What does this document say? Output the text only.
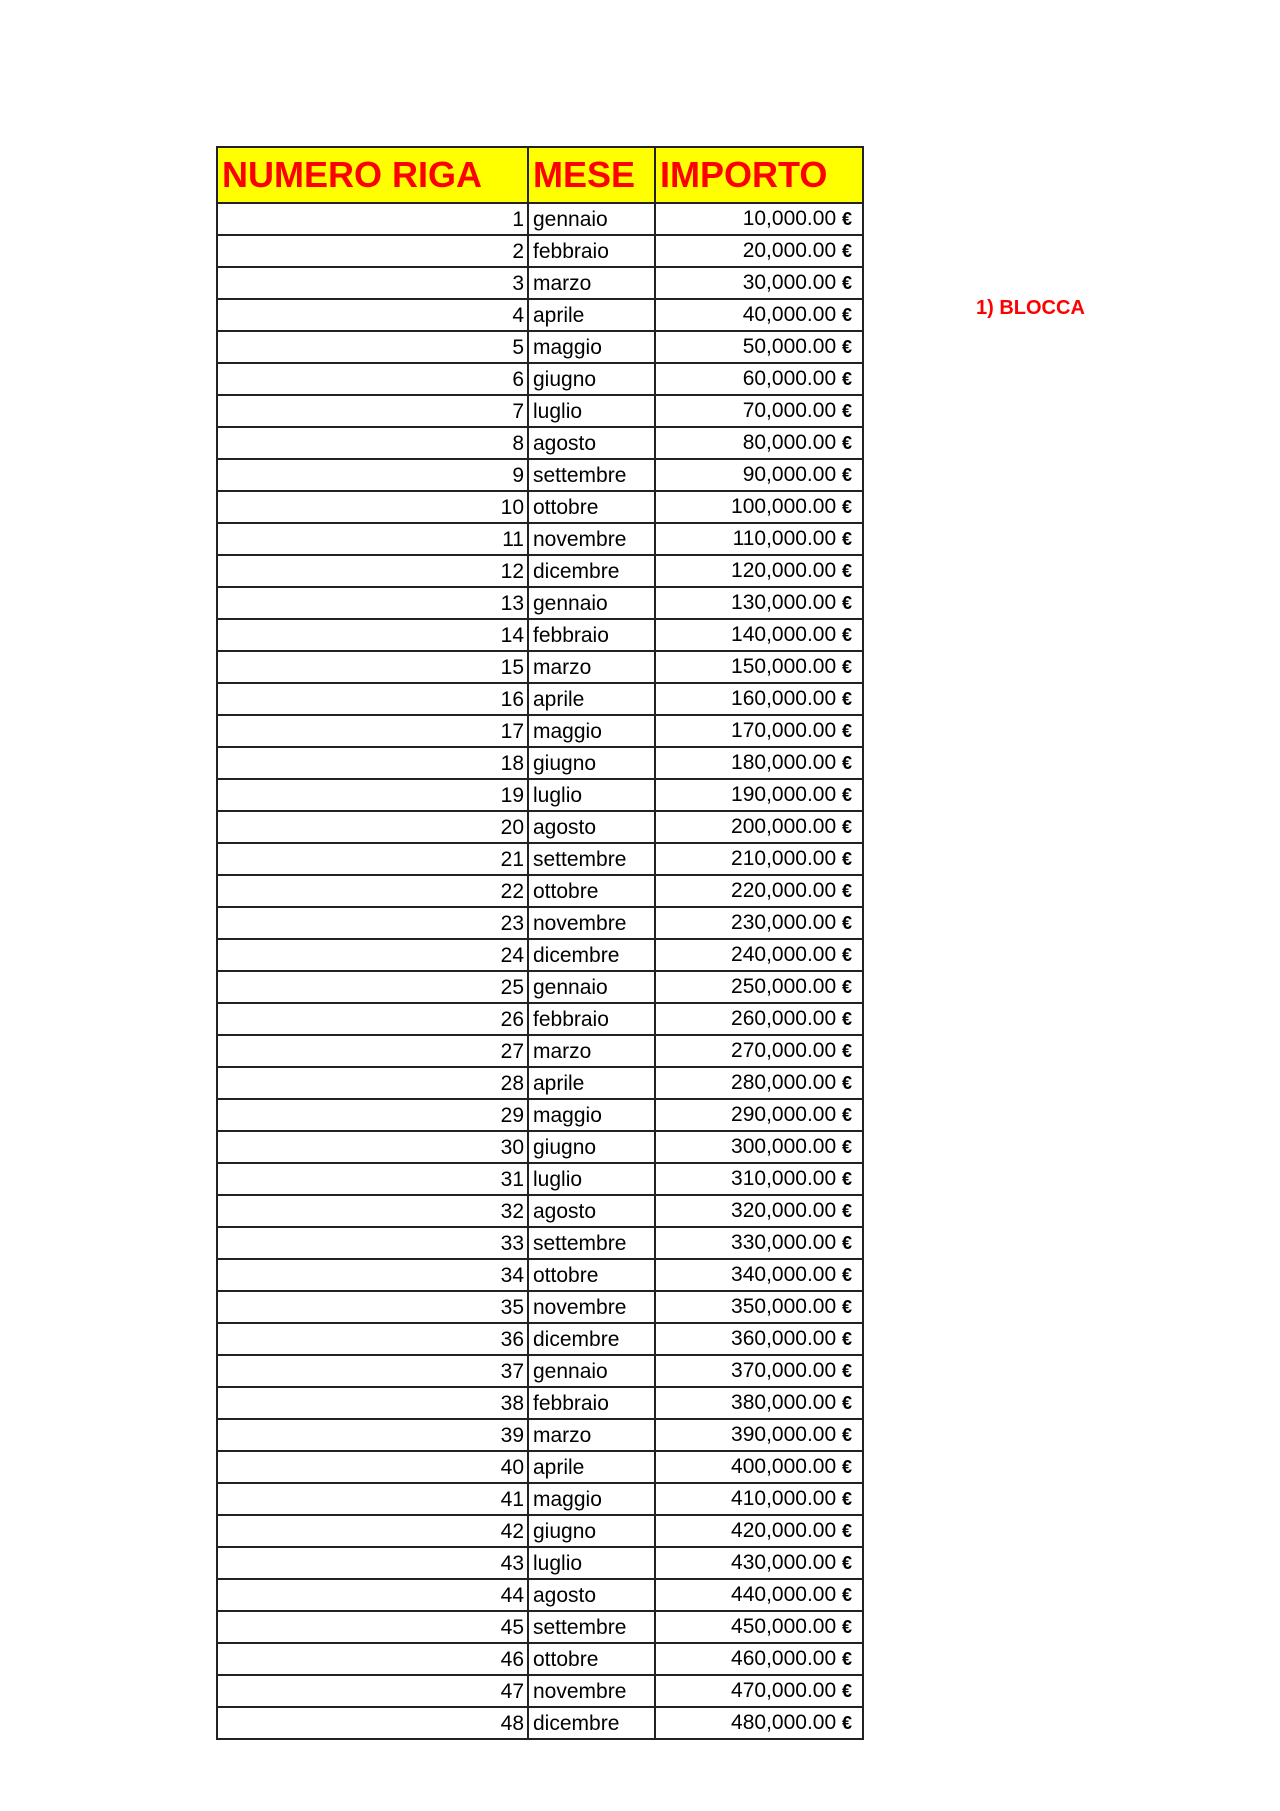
NUMERO RIGA	MESE	IMPORTO
1	gennaio	10,000.00 €
2	febbraio	20,000.00 €
3	marzo	30,000.00 €
4	aprile	40,000.00 €
5	maggio	50,000.00 €
6	giugno	60,000.00 €
7	luglio	70,000.00 €
8	agosto	80,000.00 €
9	settembre	90,000.00 €
10	ottobre	100,000.00 €
11	novembre	110,000.00 €
12	dicembre	120,000.00 €
13	gennaio	130,000.00 €
14	febbraio	140,000.00 €
15	marzo	150,000.00 €
16	aprile	160,000.00 €
17	maggio	170,000.00 €
18	giugno	180,000.00 €
19	luglio	190,000.00 €
20	agosto	200,000.00 €
21	settembre	210,000.00 €
22	ottobre	220,000.00 €
23	novembre	230,000.00 €
24	dicembre	240,000.00 €
25	gennaio	250,000.00 €
26	febbraio	260,000.00 €
27	marzo	270,000.00 €
28	aprile	280,000.00 €
29	maggio	290,000.00 €
30	giugno	300,000.00 €
31	luglio	310,000.00 €
32	agosto	320,000.00 €
33	settembre	330,000.00 €
34	ottobre	340,000.00 €
35	novembre	350,000.00 €
36	dicembre	360,000.00 €
37	gennaio	370,000.00 €
38	febbraio	380,000.00 €
39	marzo	390,000.00 €
40	aprile	400,000.00 €
41	maggio	410,000.00 €
42	giugno	420,000.00 €
43	luglio	430,000.00 €
44	agosto	440,000.00 €
45	settembre	450,000.00 €
46	ottobre	460,000.00 €
47	novembre	470,000.00 €
48	dicembre	480,000.00 €
1) BLOCCA
